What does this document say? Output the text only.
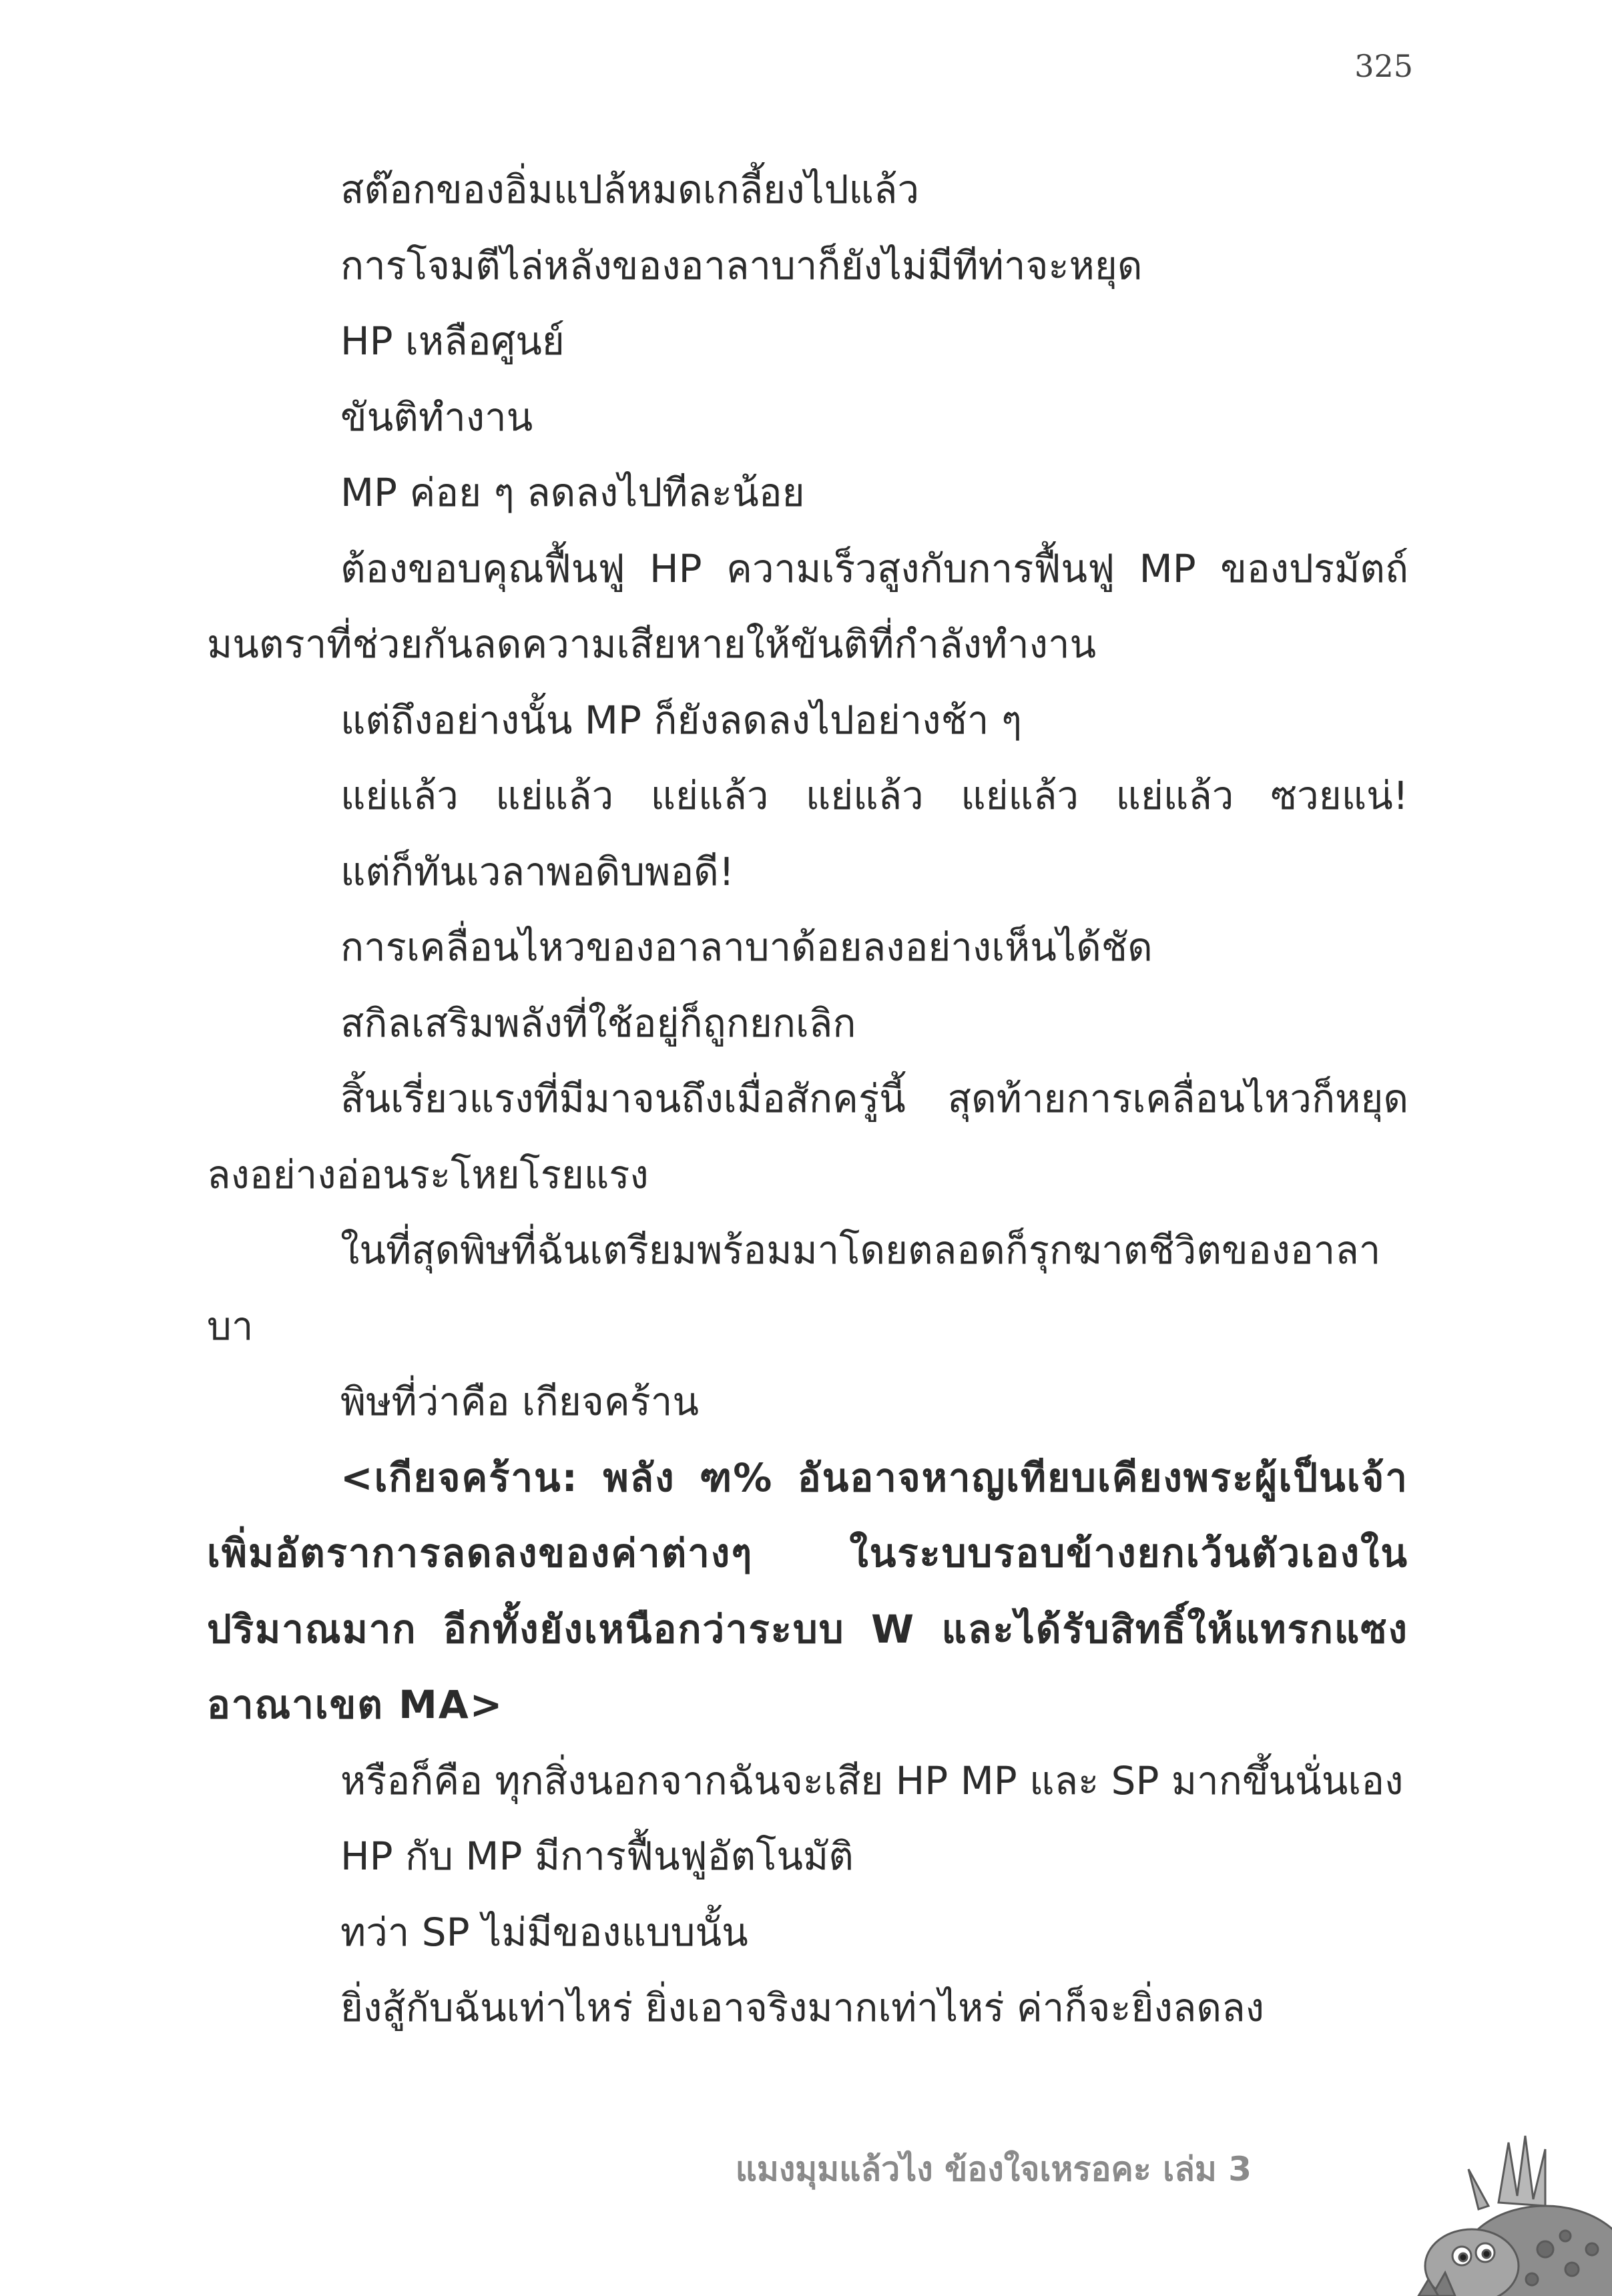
325

สต๊อกของอิ่มแปล้หมดเกลี้ยงไปแล้ว

การโจมตีไล่หลังของอาลาบาก็ยังไม่มีทีท่าจะหยุด

HP เหลือศูนย์

ขันติทำงาน

MP ค่อย ๆ ลดลงไปทีละน้อย

ต้องขอบคุณฟื้นฟู HP ความเร็วสูงกับการฟื้นฟู MP ของปรมัตถ์มนตราที่ช่วยกันลดความเสียหายให้ขันติที่กำลังทำงาน

แต่ถึงอย่างนั้น MP ก็ยังลดลงไปอย่างช้า ๆ

แย่แล้ว แย่แล้ว แย่แล้ว แย่แล้ว แย่แล้ว แย่แล้ว ซวยแน่!

แต่ก็ทันเวลาพอดิบพอดี!

การเคลื่อนไหวของอาลาบาด้อยลงอย่างเห็นได้ชัด

สกิลเสริมพลังที่ใช้อยู่ก็ถูกยกเลิก

สิ้นเรี่ยวแรงที่มีมาจนถึงเมื่อสักครู่นี้ สุดท้ายการเคลื่อนไหวก็หยุดลงอย่างอ่อนระโหยโรยแรง

ในที่สุดพิษที่ฉันเตรียมพร้อมมาโดยตลอดก็รุกฆาตชีวิตของอาลาบา

พิษที่ว่าคือ เกียจคร้าน

<เกียจคร้าน: พลัง ฑ% อันอาจหาญเทียบเคียงพระผู้เป็นเจ้า เพิ่มอัตราการลดลงของค่าต่างๆ ในระบบรอบข้างยกเว้นตัวเองในปริมาณมาก อีกทั้งยังเหนือกว่าระบบ W และได้รับสิทธิ์ให้แทรกแซงอาณาเขต MA>

หรือก็คือ ทุกสิ่งนอกจากฉันจะเสีย HP MP และ SP มากขึ้นนั่นเอง

HP กับ MP มีการฟื้นฟูอัตโนมัติ

ทว่า SP ไม่มีของแบบนั้น

ยิ่งสู้กับฉันเท่าไหร่ ยิ่งเอาจริงมากเท่าไหร่ ค่าก็จะยิ่งลดลง

แมงมุมแล้วไง ข้องใจเหรอคะ เล่ม 3
